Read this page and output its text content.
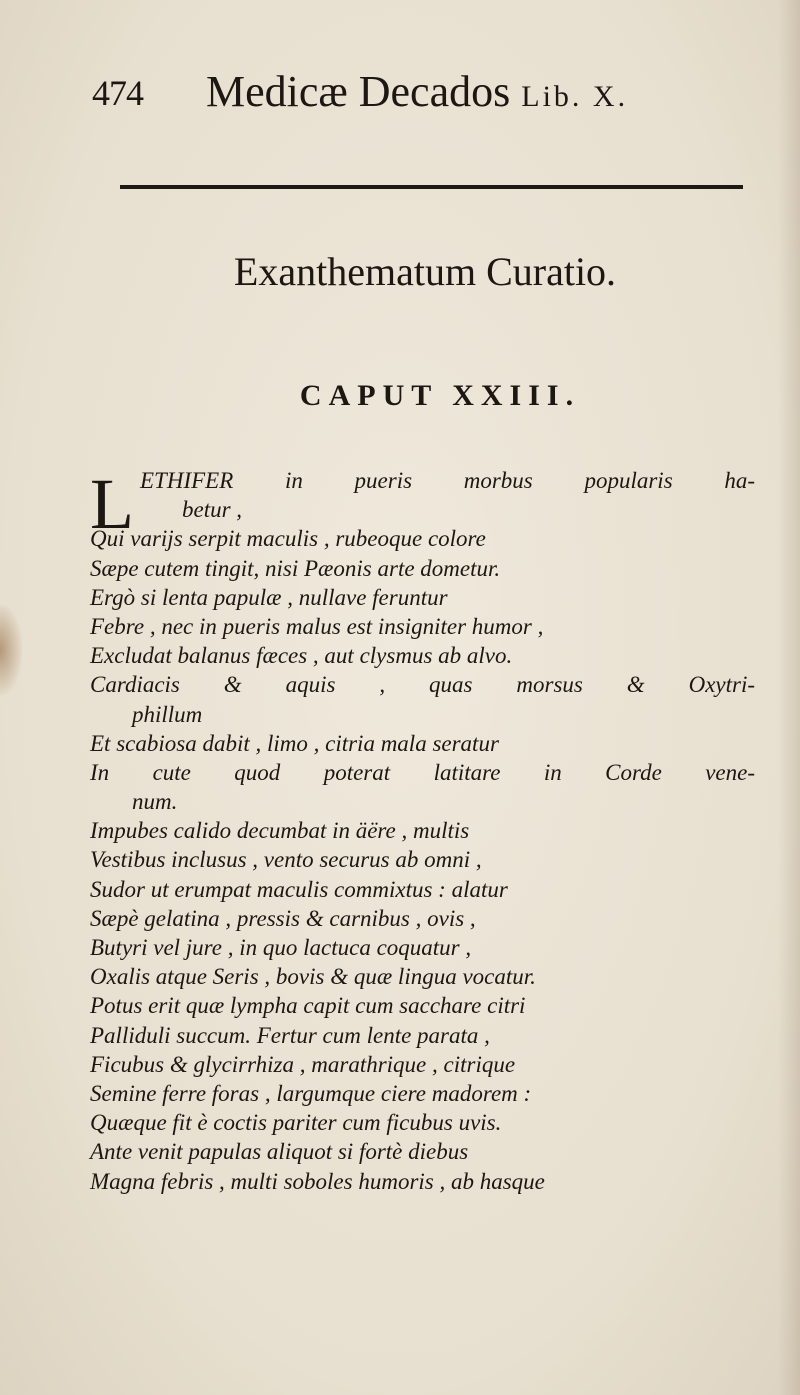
474 Medicæ Decados Lib. X.
Exanthematum Curatio.
CAPUT XXIII.
L ETHIFER in pueris morbus popularis ha-
betur ,
Qui varijs serpit maculis , rubeoque colore
Sæpe cutem tingit, nisi Pæonis arte dometur.
Ergò si lenta papulæ , nullave feruntur
Febre , nec in pueris malus est insigniter humor ,
Excludat balanus fæces , aut clysmus ab alvo.
Cardiacis & aquis , quas morsus & Oxytri-
phillum
Et scabiosa dabit , limo , citria mala seratur
In cute quod poterat latitare in Corde vene-
num.
Impubes calido decumbat in äëre , multis
Vestibus inclusus , vento securus ab omni ,
Sudor ut erumpat maculis commixtus : alatur
Sæpè gelatina , pressis & carnibus , ovis ,
Butyri vel jure , in quo lactuca coquatur ,
Oxalis atque Seris , bovis & quæ lingua vocatur.
Potus erit quæ lympha capit cum sacchare citri
Palliduli succum. Fertur cum lente parata ,
Ficubus & glycirrhiza , marathrique , citrique
Semine ferre foras , largumque ciere madorem :
Quæque fit è coctis pariter cum ficubus uvis.
Ante venit papulas aliquot si fortè diebus
Magna febris , multi soboles humoris , ab hasque
